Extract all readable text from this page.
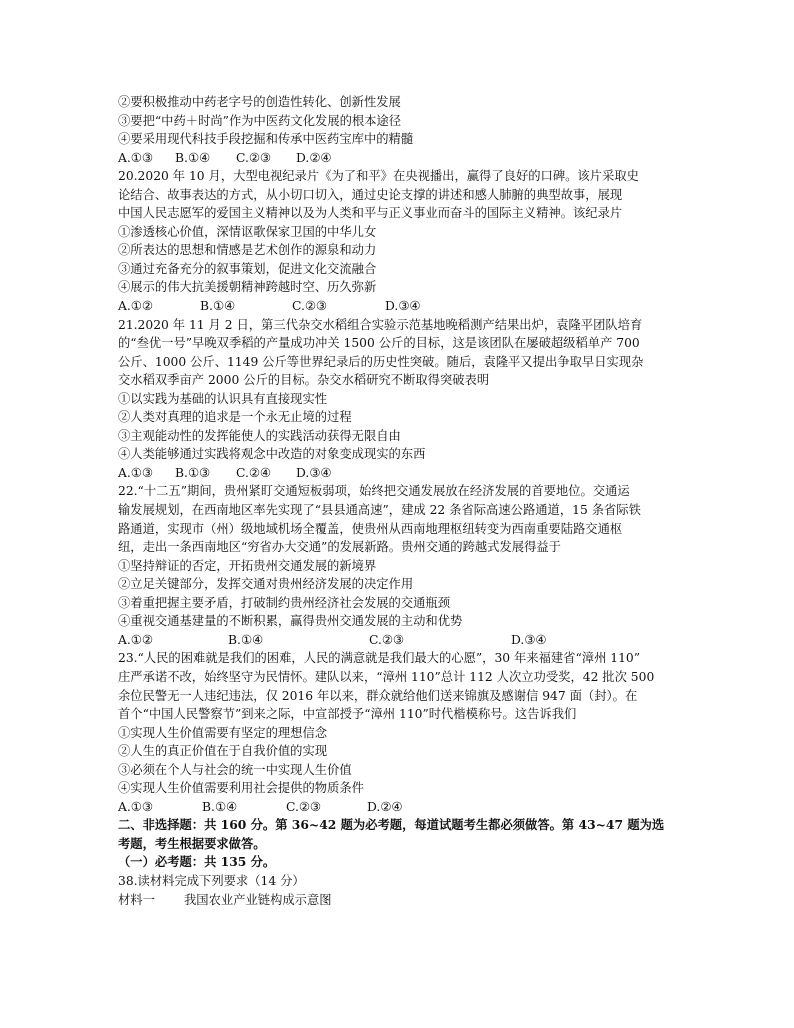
②要积极推动中药老字号的创造性转化、创新性发展
③要把“中药＋时尚”作为中医药文化发展的根本途径
④要采用现代科技手段挖掘和传承中医药宝库中的精髓
A.①③	B.①④	C.②③	D.②④
20.2020 年 10 月，大型电视纪录片《为了和平》在央视播出，赢得了良好的口碑。该片采取史
论结合、故事表达的方式，从小切口切入，通过史论支撑的讲述和感人肺腑的典型故事，展现
中国人民志愿军的爱国主义精神以及为人类和平与正义事业而奋斗的国际主义精神。该纪录片
①渗透核心价值，深情讴歌保家卫国的中华儿女
②所表达的思想和情感是艺术创作的源泉和动力
③通过充备充分的叙事策划，促进文化交流融合
④展示的伟大抗美援朝精神跨越时空、历久弥新
A.①②	B.①④	C.②③	D.③④
21.2020 年 11 月 2 日，第三代杂交水稻组合实验示范基地晚稻测产结果出炉，袁隆平团队培育
的“叁优一号”早晚双季稻的产量成功冲关 1500 公斤的目标，这是该团队在屡破超级稻单产 700
公斤、1000 公斤、1149 公斤等世界纪录后的历史性突破。随后，袁隆平又提出争取早日实现杂
交水稻双季亩产 2000 公斤的目标。杂交水稻研究不断取得突破表明
①以实践为基础的认识具有直接现实性
②人类对真理的追求是一个永无止境的过程
③主观能动性的发挥能使人的实践活动获得无限自由
④人类能够通过实践将观念中改造的对象变成现实的东西
A.①③	B.①③	C.②④	D.③④
22.“十二五”期间，贵州紧盯交通短板弱项，始终把交通发展放在经济发展的首要地位。交通运
输发展规划，在西南地区率先实现了“县县通高速”，建成 22 条省际高速公路通道，15 条省际铁
路通道，实现市（州）级地域机场全覆盖，使贵州从西南地理枢纽转变为西南重要陆路交通枢
纽，走出一条西南地区“穷省办大交通”的发展新路。贵州交通的跨越式发展得益于
①坚持辩证的否定，开拓贵州交通发展的新境界
②立足关键部分，发挥交通对贵州经济发展的决定作用
③着重把握主要矛盾，打破制约贵州经济社会发展的交通瓶颈
④重视交通基建量的不断积累，赢得贵州交通发展的主动和优势
A.①②	B.①④	C.②③	D.③④
23.“人民的困难就是我们的困难，人民的满意就是我们最大的心愿”，30 年来福建省“漳州 110”
庄严承诺不改，始终坚守为民情怀。建队以来，“漳州 110”总计 112 人次立功受奖，42 批次 500
余位民警无一人违纪违法，仅 2016 年以来，群众就给他们送来锦旗及感谢信 947 面（封）。在
首个“中国人民警察节”到来之际，中宣部授予“漳州 110”时代楷模称号。这告诉我们
①实现人生价值需要有坚定的理想信念
②人生的真正价值在于自我价值的实现
③必须在个人与社会的统一中实现人生价值
④实现人生价值需要利用社会提供的物质条件
A.①③	B.①④	C.②③	D.②④
二、非选择题：共 160 分。第 36~42 题为必考题，每道试题考生都必须做答。第 43~47 题为选
考题，考生根据要求做答。
（一）必考题：共 135 分。
38.读材料完成下列要求（14 分）
材料一 我国农业产业链构成示意图
